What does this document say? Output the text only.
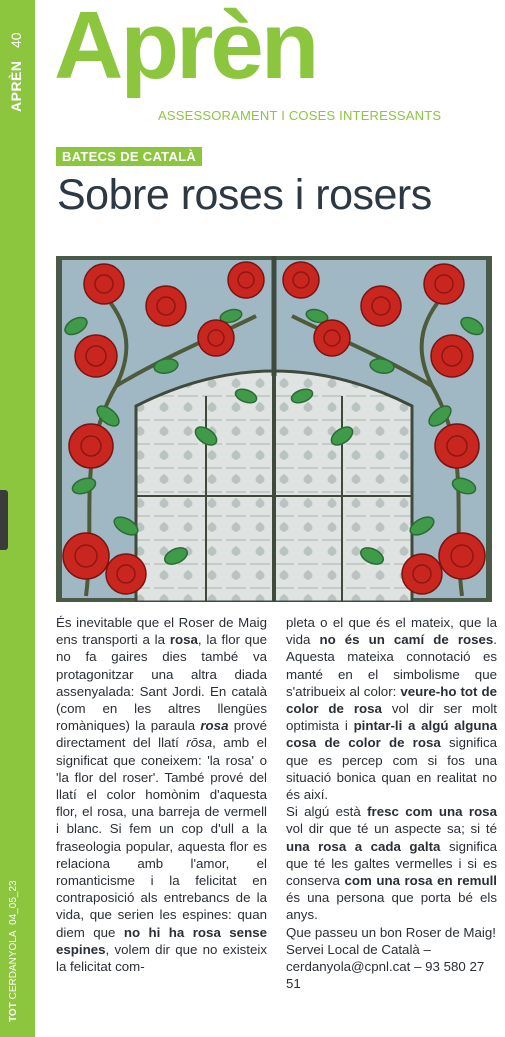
APRÈN
40
TOT CERDANYOLA  04_05_23
Aprèn
ASSESSORAMENT I COSES INTERESSANTS
BATECS DE CATALÀ
Sobre roses i rosers

És inevitable que el Roser de Maig ens transporti a la rosa, la flor que no fa gaires dies també va protagonitzar una altra diada assenyalada: Sant Jordi. En català (com en les altres llengües romàniques) la paraula rosa prové directament del llatí rōsa, amb el significat que coneixem: 'la rosa' o 'la flor del roser'. També prové del llatí el color homònim d'aquesta flor, el rosa, una barreja de vermell i blanc. Si fem un cop d'ull a la fraseologia popular, aquesta flor es relaciona amb l'amor, el romanticisme i la felicitat en contraposició als entrebancs de la vida, que serien les espines: quan diem que no hi ha rosa sense espines, volem dir que no existeix la felicitat com-

pleta o el que és el mateix, que la vida no és un camí de roses. Aquesta mateixa connotació es manté en el simbolisme que s'atribueix al color: veure-ho tot de color de rosa vol dir ser molt optimista i pintar-li a algú alguna cosa de color de rosa significa que es percep com si fos una situació bonica quan en realitat no és així.

Si algú està fresc com una rosa vol dir que té un aspecte sa; si té una rosa a cada galta significa que té les galtes vermelles i si es conserva com una rosa en remull és una persona que porta bé els anys.

Que passeu un bon Roser de Maig!

Servei Local de Català – cerdanyola@cpnl.cat – 93 580 27 51
